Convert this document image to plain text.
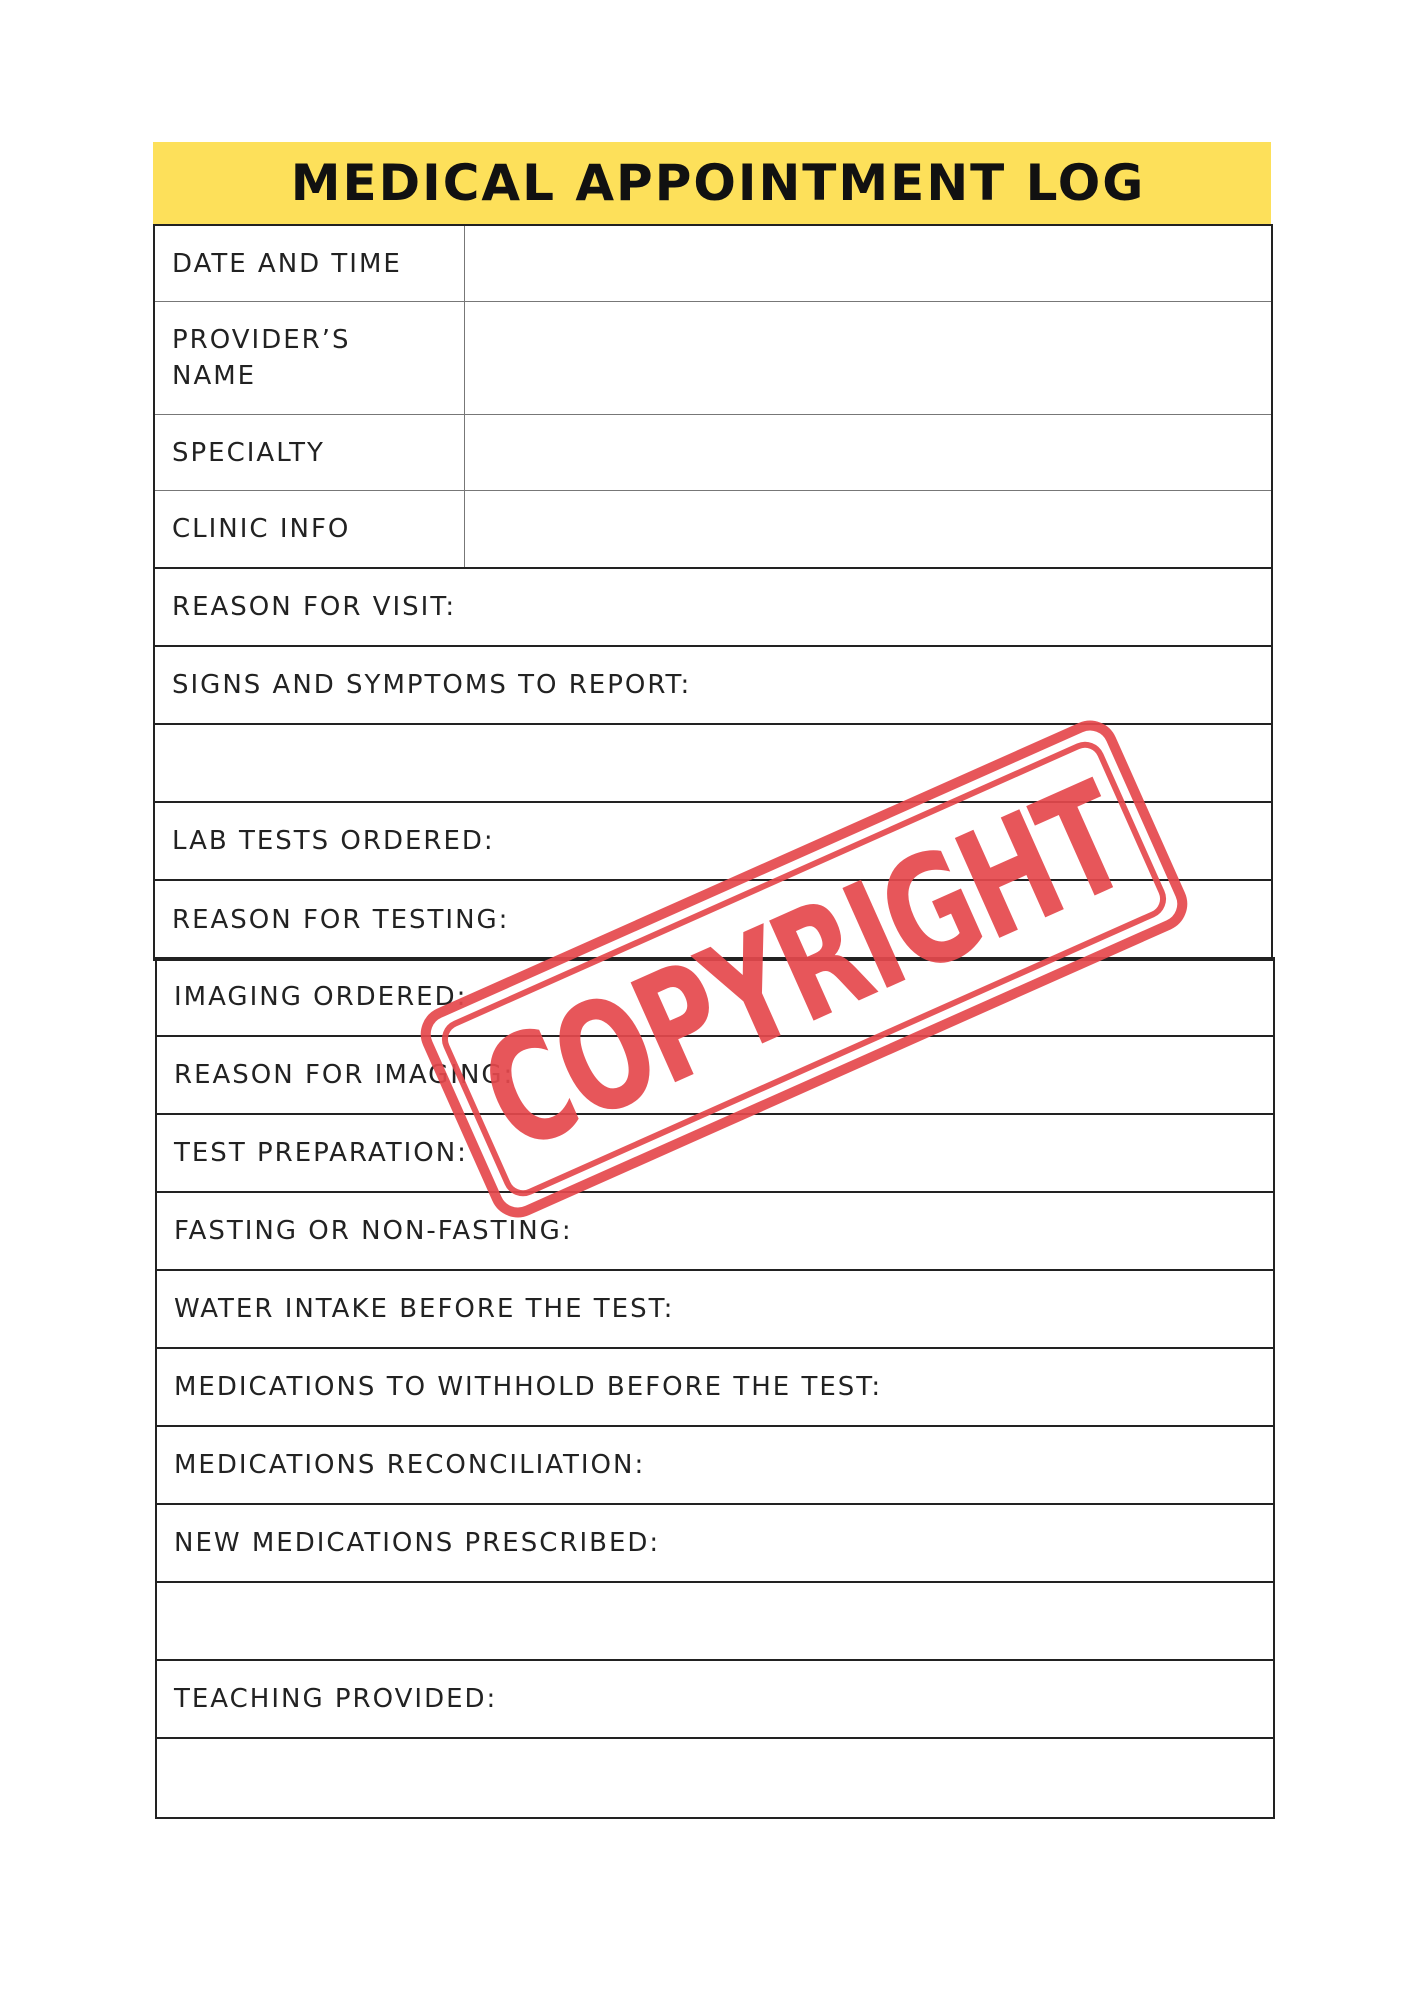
MEDICAL APPOINTMENT LOG
DATE AND TIME
PROVIDER’S NAME
SPECIALTY
CLINIC INFO
REASON FOR VISIT:
SIGNS AND SYMPTOMS TO REPORT:
LAB TESTS ORDERED:
REASON FOR TESTING:
IMAGING ORDERED:
REASON FOR IMAGING:
TEST PREPARATION:
FASTING OR NON-FASTING:
WATER INTAKE BEFORE THE TEST:
MEDICATIONS TO WITHHOLD BEFORE THE TEST:
MEDICATIONS RECONCILIATION:
NEW MEDICATIONS PRESCRIBED:
TEACHING PROVIDED:
COPYRIGHT
